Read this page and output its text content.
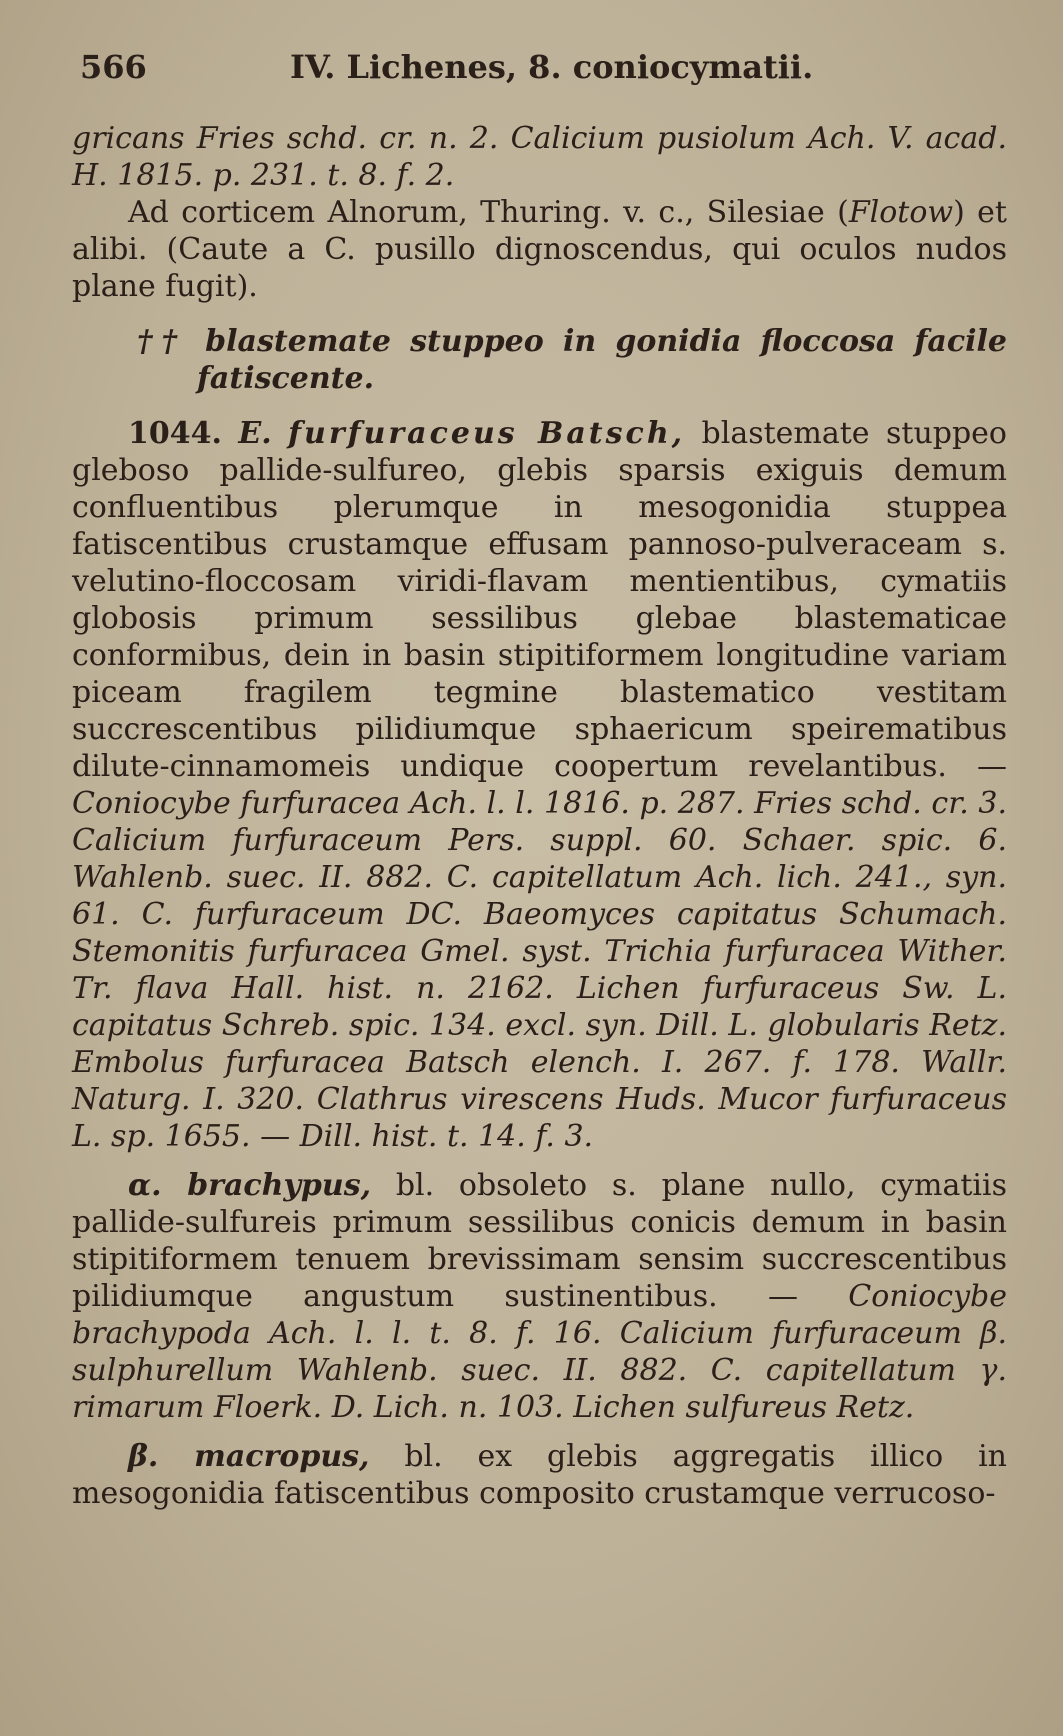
566	IV. Lichenes, 8. coniocymatii.

gricans Fries schd. cr. n. 2. Calicium pusiolum Ach. V. acad. H. 1815. p. 231. t. 8. f. 2.

Ad corticem Alnorum, Thuring. v. c., Silesiae (Flotow) et alibi. (Caute a C. pusillo dignoscendus, qui oculos nudos plane fugit).

†† blastemate stuppeo in gonidia floccosa facile fatiscente.

1044. E. furfuraceus Batsch, blastemate stuppeo gleboso pallide-sulfureo, glebis sparsis exiguis demum confluentibus plerumque in mesogonidia stuppea fatiscentibus crustamque effusam pannoso-pulveraceam s. velutino-floccosam viridi-flavam mentientibus, cymatiis globosis primum sessilibus glebae blastematicae conformibus, dein in basin stipitiformem longitudine variam piceam fragilem tegmine blastematico vestitam succrescentibus pilidiumque sphaericum speirematibus dilute-cinnamomeis undique coopertum revelantibus. — Coniocybe furfuracea Ach. l. l. 1816. p. 287. Fries schd. cr. 3. Calicium furfuraceum Pers. suppl. 60. Schaer. spic. 6. Wahlenb. suec. II. 882. C. capitellatum Ach. lich. 241., syn. 61. C. furfuraceum DC. Baeomyces capitatus Schumach. Stemonitis furfuracea Gmel. syst. Trichia furfuracea Wither. Tr. flava Hall. hist. n. 2162. Lichen furfuraceus Sw. L. capitatus Schreb. spic. 134. excl. syn. Dill. L. globularis Retz. Embolus furfuracea Batsch elench. I. 267. f. 178. Wallr. Naturg. I. 320. Clathrus virescens Huds. Mucor furfuraceus L. sp. 1655. — Dill. hist. t. 14. f. 3.

α. brachypus, bl. obsoleto s. plane nullo, cymatiis pallide-sulfureis primum sessilibus conicis demum in basin stipitiformem tenuem brevissimam sensim succrescentibus pilidiumque angustum sustinentibus. — Coniocybe brachypoda Ach. l. l. t. 8. f. 16. Calicium furfuraceum β. sulphurellum Wahlenb. suec. II. 882. C. capitellatum γ. rimarum Floerk. D. Lich. n. 103. Lichen sulfureus Retz.

β. macropus, bl. ex glebis aggregatis illico in mesogonidia fatiscentibus composito crustamque verrucoso-
